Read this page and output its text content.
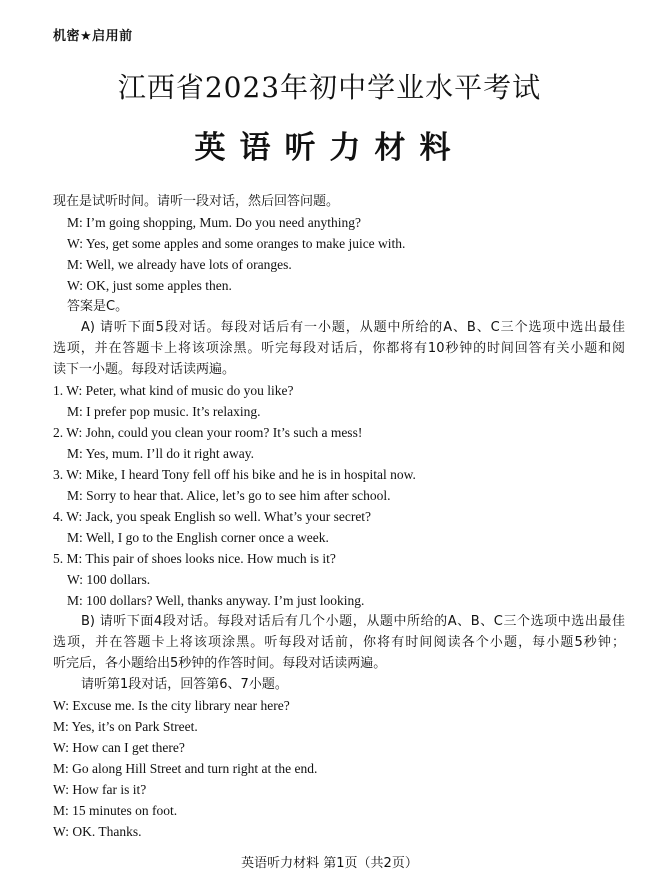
机密★启用前
江西省2023年初中学业水平考试
英语听力材料
现在是试听时间。请听一段对话，然后回答问题。
M: I’m going shopping, Mum. Do you need anything?
W: Yes, get some apples and some oranges to make juice with.
M: Well, we already have lots of oranges.
W: OK, just some apples then.
答案是C。
A) 请听下面5段对话。每段对话后有一小题，从题中所给的A、B、C三个选项中选出最佳
选项，并在答题卡上将该项涂黑。听完每段对话后，你都将有10秒钟的时间回答有关小题和阅
读下一小题。每段对话读两遍。
1. W: Peter, what kind of music do you like?
M: I prefer pop music. It’s relaxing.
2. W: John, could you clean your room? It’s such a mess!
M: Yes, mum. I’ll do it right away.
3. W: Mike, I heard Tony fell off his bike and he is in hospital now.
M: Sorry to hear that. Alice, let’s go to see him after school.
4. W: Jack, you speak English so well. What’s your secret?
M: Well, I go to the English corner once a week.
5. M: This pair of shoes looks nice. How much is it?
W: 100 dollars.
M: 100 dollars? Well, thanks anyway. I’m just looking.
B) 请听下面4段对话。每段对话后有几个小题，从题中所给的A、B、C三个选项中选出最佳
选项，并在答题卡上将该项涂黑。听每段对话前，你将有时间阅读各个小题，每小题5秒钟；
听完后，各小题给出5秒钟的作答时间。每段对话读两遍。
请听第1段对话，回答第6、7小题。
W: Excuse me. Is the city library near here?
M: Yes, it’s on Park Street.
W: How can I get there?
M: Go along Hill Street and turn right at the end.
W: How far is it?
M: 15 minutes on foot.
W: OK. Thanks.
英语听力材料 第1页（共2页）
